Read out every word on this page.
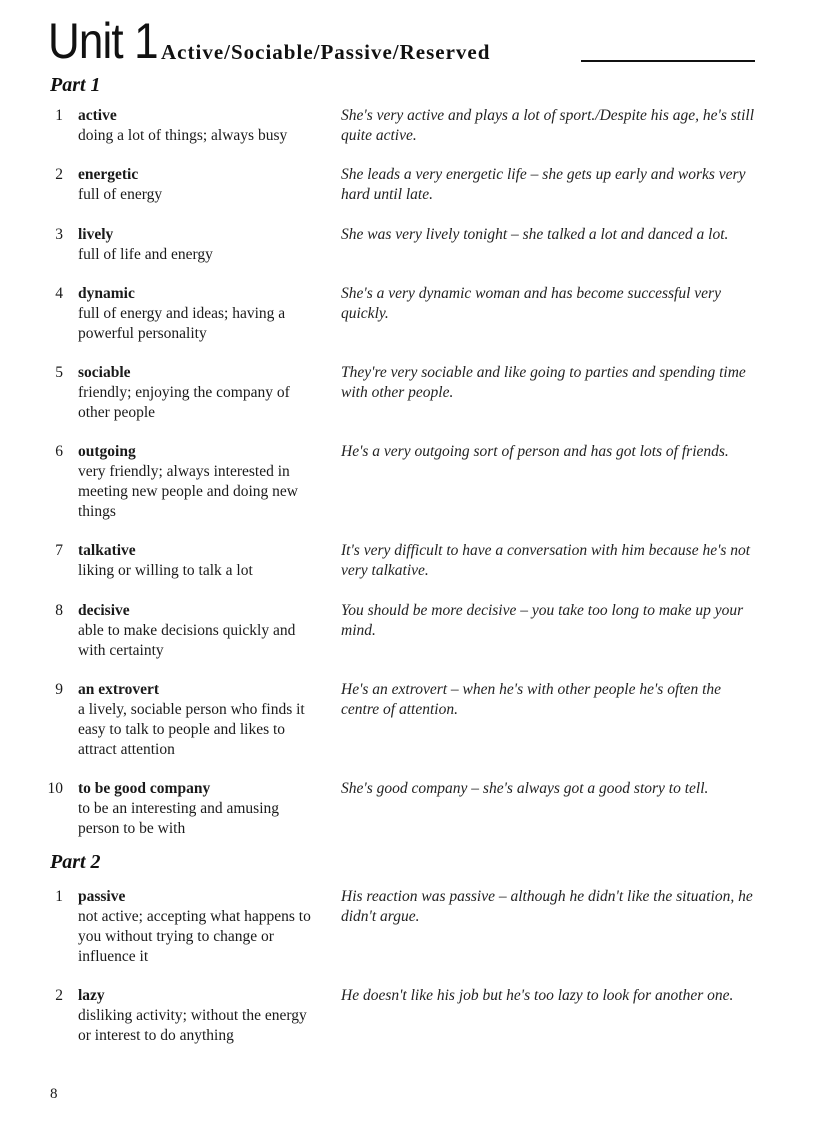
Unit 1 Active/Sociable/Passive/Reserved
Part 1
1 active
doing a lot of things; always busy
She's very active and plays a lot of sport./Despite his age, he's still quite active.
2 energetic
full of energy
She leads a very energetic life – she gets up early and works very hard until late.
3 lively
full of life and energy
She was very lively tonight – she talked a lot and danced a lot.
4 dynamic
full of energy and ideas; having a powerful personality
She's a very dynamic woman and has become successful very quickly.
5 sociable
friendly; enjoying the company of other people
They're very sociable and like going to parties and spending time with other people.
6 outgoing
very friendly; always interested in meeting new people and doing new things
He's a very outgoing sort of person and has got lots of friends.
7 talkative
liking or willing to talk a lot
It's very difficult to have a conversation with him because he's not very talkative.
8 decisive
able to make decisions quickly and with certainty
You should be more decisive – you take too long to make up your mind.
9 an extrovert
a lively, sociable person who finds it easy to talk to people and likes to attract attention
He's an extrovert – when he's with other people he's often the centre of attention.
10 to be good company
to be an interesting and amusing person to be with
She's good company – she's always got a good story to tell.
Part 2
1 passive
not active; accepting what happens to you without trying to change or influence it
His reaction was passive – although he didn't like the situation, he didn't argue.
2 lazy
disliking activity; without the energy or interest to do anything
He doesn't like his job but he's too lazy to look for another one.
8
